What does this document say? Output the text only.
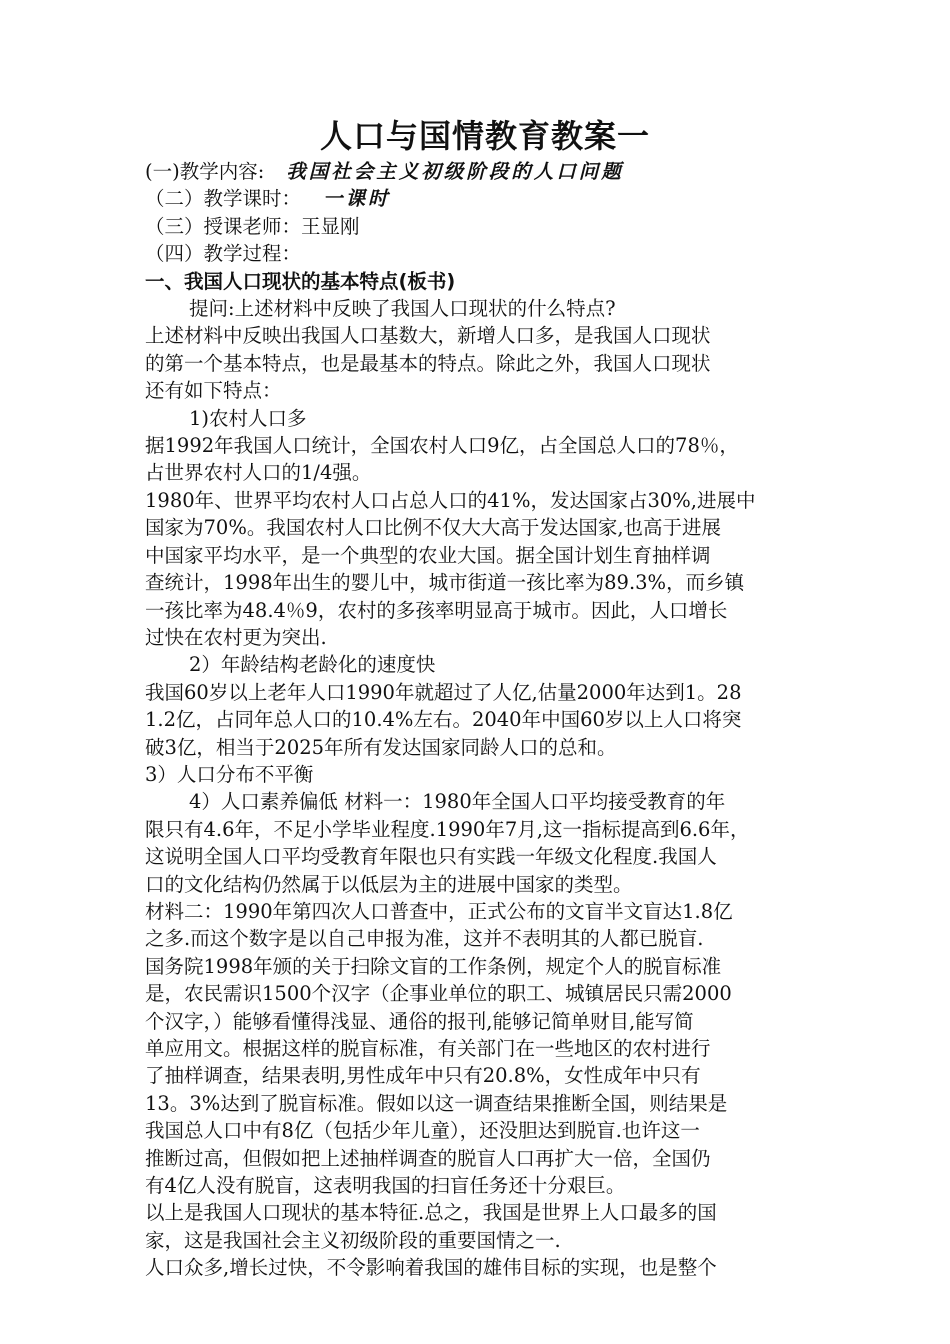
人口与国情教育教案一
(一)教学内容: 我国社会主义初级阶段的人口问题
（二）教学课时： 一课时
（三）授课老师：王显刚
（四）教学过程：
一、我国人口现状的基本特点(板书)
提问:上述材料中反映了我国人口现状的什么特点?
上述材料中反映出我国人口基数大，新增人口多，是我国人口现状
的第一个基本特点，也是最基本的特点。除此之外，我国人口现状
还有如下特点：
1)农村人口多
据1992年我国人口统计，全国农村人口9亿，占全国总人口的78％，
占世界农村人口的1/4强。
1980年、世界平均农村人口占总人口的41%，发达国家占30%,进展中
国家为70%。我国农村人口比例不仅大大高于发达国家,也高于进展
中国家平均水平，是一个典型的农业大国。据全国计划生育抽样调
查统计，1998年出生的婴儿中，城市街道一孩比率为89.3%，而乡镇
一孩比率为48.4％9，农村的多孩率明显高于城市。因此，人口增长
过快在农村更为突出.
2）年龄结构老龄化的速度快
我国60岁以上老年人口1990年就超过了人亿,估量2000年达到1。28
1.2亿，占同年总人口的10.4%左右。2040年中国60岁以上人口将突
破3亿，相当于2025年所有发达国家同龄人口的总和。
3）人口分布不平衡
4）人口素养偏低 材料一：1980年全国人口平均接受教育的年
限只有4.6年，不足小学毕业程度.1990年7月,这一指标提高到6.6年，
这说明全国人口平均受教育年限也只有实践一年级文化程度.我国人
口的文化结构仍然属于以低层为主的进展中国家的类型。
材料二：1990年第四次人口普查中，正式公布的文盲半文盲达1.8亿
之多.而这个数字是以自己申报为准，这并不表明其的人都已脱盲.
国务院1998年颁的关于扫除文盲的工作条例，规定个人的脱盲标准
是，农民需识1500个汉字（企事业单位的职工、城镇居民只需2000
个汉字，）能够看懂得浅显、通俗的报刊,能够记简单财目,能写简
单应用文。根据这样的脱盲标准，有关部门在一些地区的农村进行
了抽样调查，结果表明,男性成年中只有20.8%，女性成年中只有
13。3%达到了脱盲标准。假如以这一调查结果推断全国，则结果是
我国总人口中有8亿（包括少年儿童），还没胆达到脱盲.也许这一
推断过高，但假如把上述抽样调查的脱盲人口再扩大一倍，全国仍
有4亿人没有脱盲，这表明我国的扫盲任务还十分艰巨。
以上是我国人口现状的基本特征.总之，我国是世界上人口最多的国
家，这是我国社会主义初级阶段的重要国情之一.
人口众多,增长过快，不令影响着我国的雄伟目标的实现，也是整个
